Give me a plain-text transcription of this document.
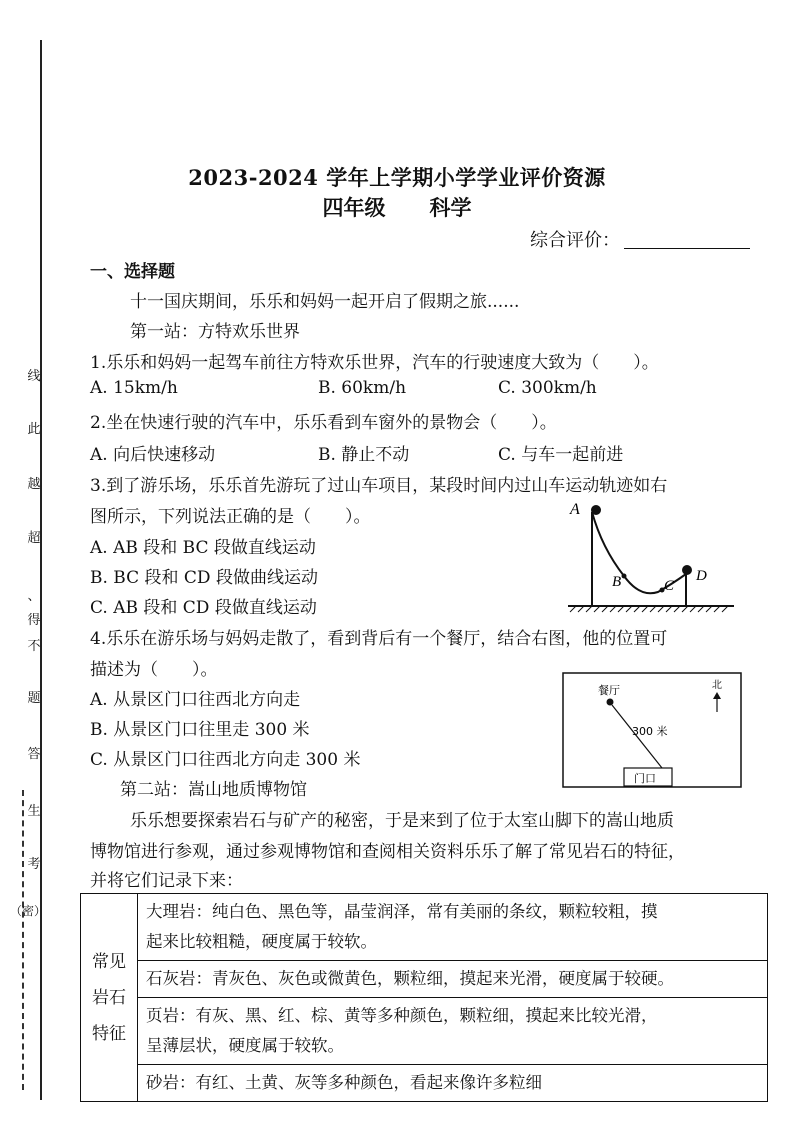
线
此
越
超
、
得
不
题
答
生
考
（密）
2023-2024 学年上学期小学学业评价资源
四年级 科学
综合评价：
一、选择题
十一国庆期间，乐乐和妈妈一起开启了假期之旅......
第一站：方特欢乐世界
1.乐乐和妈妈一起驾车前往方特欢乐世界，汽车的行驶速度大致为（　　）。
A. 15km/h	B. 60km/h	C. 300km/h
2.坐在快速行驶的汽车中，乐乐看到车窗外的景物会（　　）。
A. 向后快速移动	B. 静止不动	C. 与车一起前进
3.到了游乐场，乐乐首先游玩了过山车项目，某段时间内过山车运动轨迹如右
图所示，下列说法正确的是（　　）。
A. AB 段和 BC 段做直线运动
B. BC 段和 CD 段做曲线运动
C. AB 段和 CD 段做直线运动
A
B	C
D
4.乐乐在游乐场与妈妈走散了，看到背后有一个餐厅，结合右图，他的位置可
描述为（　　）。
A. 从景区门口往西北方向走
B. 从景区门口往里走 300 米
C. 从景区门口往西北方向走 300 米
餐厅
300 米
门口
北
第二站：嵩山地质博物馆
乐乐想要探索岩石与矿产的秘密，于是来到了位于太室山脚下的嵩山地质
博物馆进行参观，通过参观博物馆和查阅相关资料乐乐了解了常见岩石的特征，
并将它们记录下来：
常见
岩石
特征

大理岩：纯白色、黑色等，晶莹润泽，常有美丽的条纹，颗粒较粗，摸
起来比较粗糙，硬度属于较软。

石灰岩：青灰色、灰色或微黄色，颗粒细，摸起来光滑，硬度属于较硬。

页岩：有灰、黑、红、棕、黄等多种颜色，颗粒细，摸起来比较光滑，
呈薄层状，硬度属于较软。

砂岩：有红、土黄、灰等多种颜色，看起来像许多粒细
